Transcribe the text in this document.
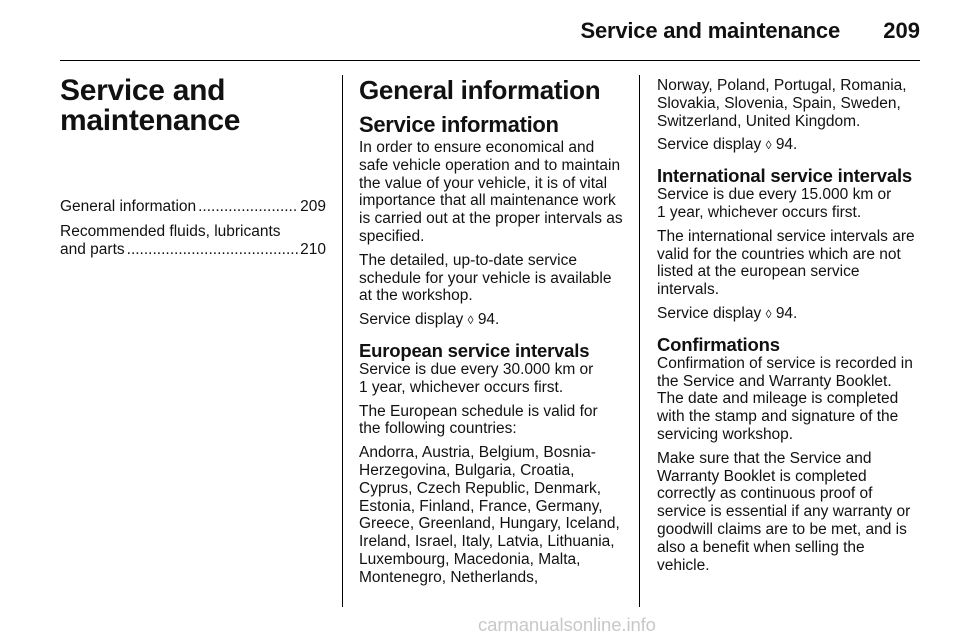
Service and maintenance 209
Service and
maintenance
General information .....	209
Recommended fluids, lubricants
and parts .....	210
General information
Service information

In order to ensure economical and safe vehicle operation and to maintain the value of your vehicle, it is of vital importance that all maintenance work is carried out at the proper intervals as specified.

The detailed, up-to-date service schedule for your vehicle is available at the workshop.

Service display ◊ 94.

European service intervals

Service is due every 30.000 km or
1 year, whichever occurs first.

The European schedule is valid for the following countries:

Andorra, Austria, Belgium, Bosnia-Herzegovina, Bulgaria, Croatia, Cyprus, Czech Republic, Denmark, Estonia, Finland, France, Germany, Greece, Greenland, Hungary, Iceland, Ireland, Israel, Italy, Latvia, Lithuania, Luxembourg, Macedonia, Malta, Montenegro, Netherlands,

Norway, Poland, Portugal, Romania, Slovakia, Slovenia, Spain, Sweden, Switzerland, United Kingdom.

Service display ◊ 94.

International service intervals

Service is due every 15.000 km or
1 year, whichever occurs first.

The international service intervals are valid for the countries which are not listed at the european service intervals.

Service display ◊ 94.

Confirmations

Confirmation of service is recorded in the Service and Warranty Booklet. The date and mileage is completed with the stamp and signature of the servicing workshop.

Make sure that the Service and Warranty Booklet is completed correctly as continuous proof of service is essential if any warranty or goodwill claims are to be met, and is also a benefit when selling the vehicle.

carmanualsonline.info
